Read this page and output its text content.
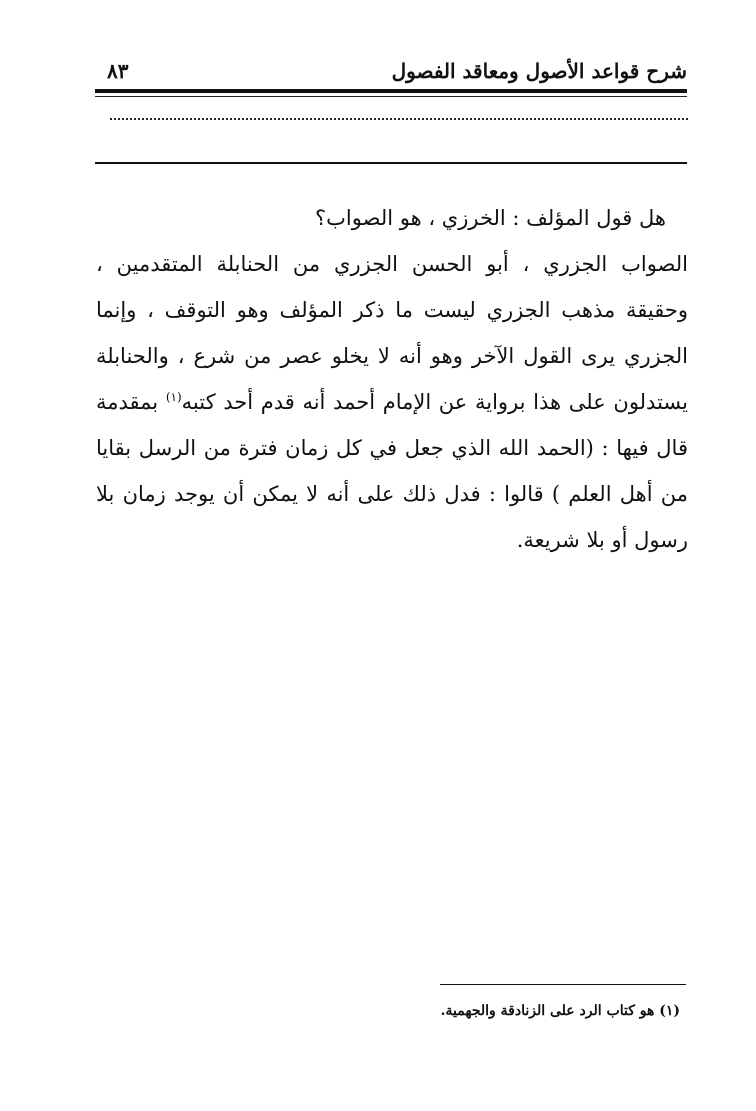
شرح قواعد الأصول ومعاقد الفصول
٨٣

هل قول المؤلف : الخرزي ، هو الصواب؟

الصواب الجزري ، أبو الحسن الجزري من الحنابلة المتقدمين ، وحقيقة مذهب الجزري ليست ما ذكر المؤلف وهو التوقف ، وإنما الجزري يرى القول الآخر وهو أنه لا يخلو عصر من شرع ، والحنابلة يستدلون على هذا برواية عن الإمام أحمد أنه قدم أحد كتبه$^{(١)}$ بمقدمة قال فيها : (الحمد الله الذي جعل في كل زمان فترة من الرسل بقايا من أهل العلم ) قالوا : فدل ذلك على أنه لا يمكن أن يوجد زمان بلا رسول أو بلا شريعة.

(١) هو كتاب الرد على الزنادقة والجهمية.
